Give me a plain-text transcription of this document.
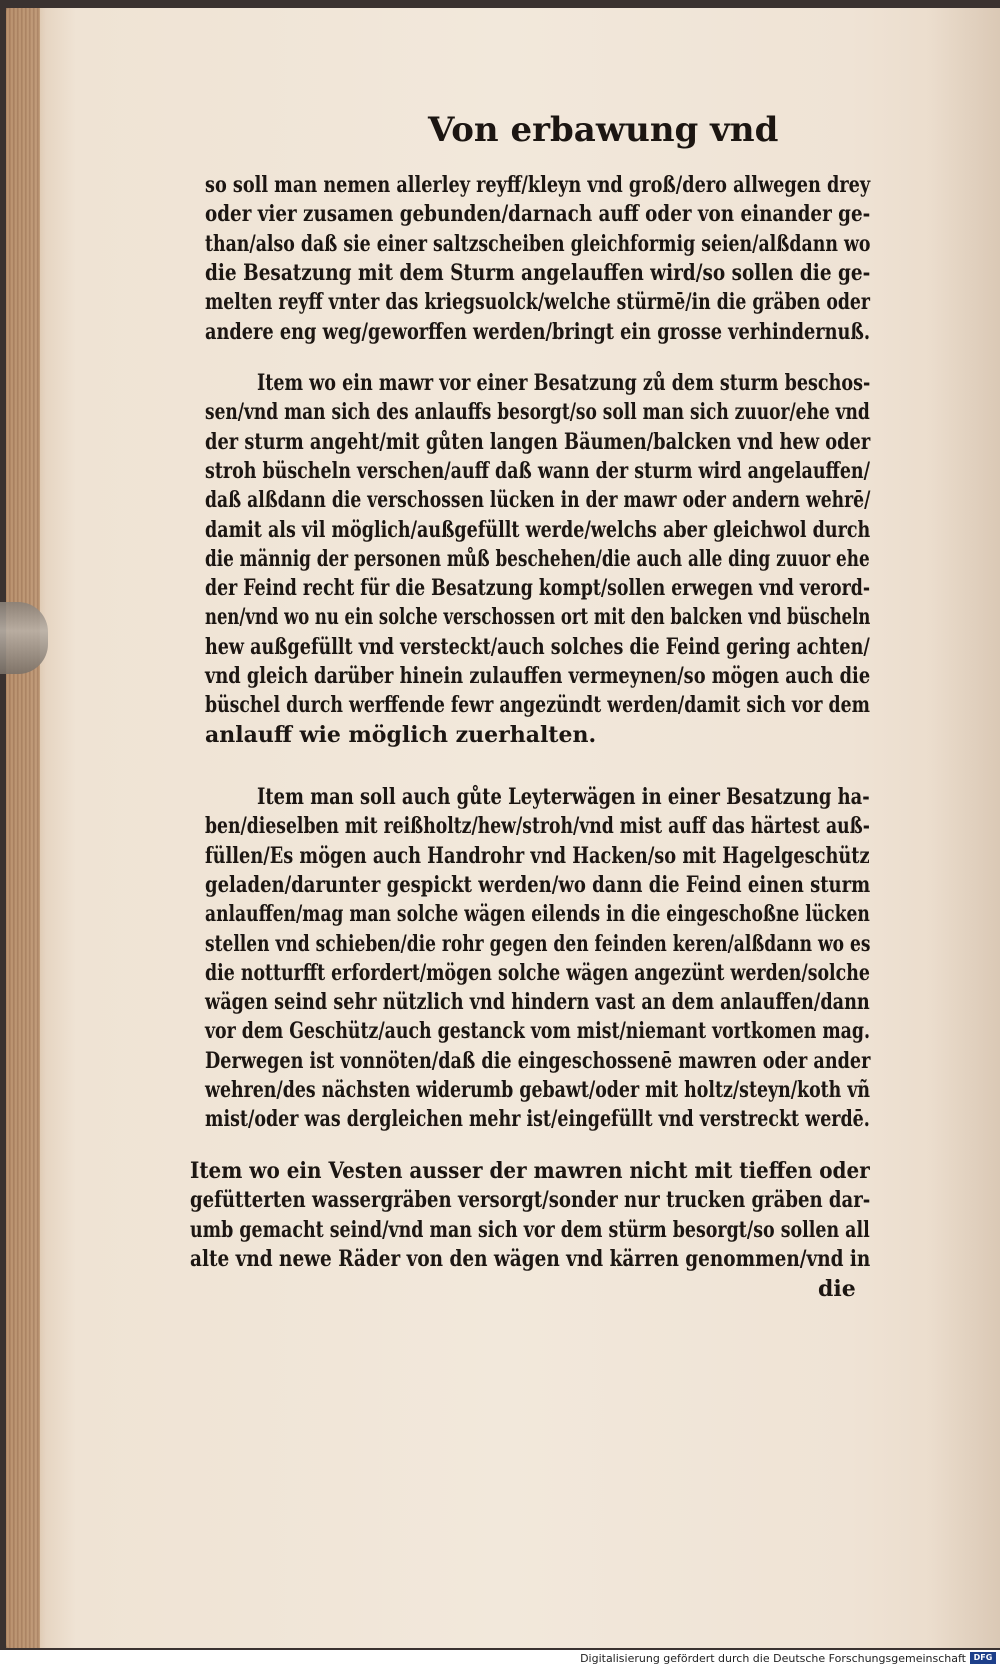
Von erbawung vnd
so soll man nemen allerley reyff/kleyn vnd groß/dero allwegen drey
oder vier zusamen gebunden/darnach auff oder von einander ge-
than/also daß sie einer saltzscheiben gleichformig seien/alßdann wo
die Besatzung mit dem Sturm angelauffen wird/so sollen die ge-
melten reyff vnter das kriegsuolck/welche stürmē/in die gräben oder
andere eng weg/geworffen werden/bringt ein grosse verhindernuß.
Item wo ein mawr vor einer Besatzung zů dem sturm beschos-
sen/vnd man sich des anlauffs besorgt/so soll man sich zuuor/ehe vnd
der sturm angeht/mit gůten langen Bäumen/balcken vnd hew oder
stroh büscheln verschen/auff daß wann der sturm wird angelauffen/
daß alßdann die verschossen lücken in der mawr oder andern wehrē/
damit als vil möglich/außgefüllt werde/welchs aber gleichwol durch
die männig der personen můß beschehen/die auch alle ding zuuor ehe
der Feind recht für die Besatzung kompt/sollen erwegen vnd verord-
nen/vnd wo nu ein solche verschossen ort mit den balcken vnd büscheln
hew außgefüllt vnd versteckt/auch solches die Feind gering achten/
vnd gleich darüber hinein zulauffen vermeynen/so mögen auch die
büschel durch werffende fewr angezündt werden/damit sich vor dem
anlauff wie möglich zuerhalten.
Item man soll auch gůte Leyterwägen in einer Besatzung ha-
ben/dieselben mit reißholtz/hew/stroh/vnd mist auff das härtest auß-
füllen/Es mögen auch Handrohr vnd Hacken/so mit Hagelgeschütz
geladen/darunter gespickt werden/wo dann die Feind einen sturm
anlauffen/mag man solche wägen eilends in die eingeschoßne lücken
stellen vnd schieben/die rohr gegen den feinden keren/alßdann wo es
die notturfft erfordert/mögen solche wägen angezünt werden/solche
wägen seind sehr nützlich vnd hindern vast an dem anlauffen/dann
vor dem Geschütz/auch gestanck vom mist/niemant vortkomen mag.
Derwegen ist vonnöten/daß die eingeschossenē mawren oder ander
wehren/des nächsten widerumb gebawt/oder mit holtz/steyn/koth vñ
mist/oder was dergleichen mehr ist/eingefüllt vnd verstreckt werdē.
Item wo ein Vesten ausser der mawren nicht mit tieffen oder
gefütterten wassergräben versorgt/sonder nur trucken gräben dar-
umb gemacht seind/vnd man sich vor dem stürm besorgt/so sollen all
alte vnd newe Räder von den wägen vnd kärren genommen/vnd in
die
Digitalisierung gefördert durch die Deutsche Forschungsgemeinschaft DFG
